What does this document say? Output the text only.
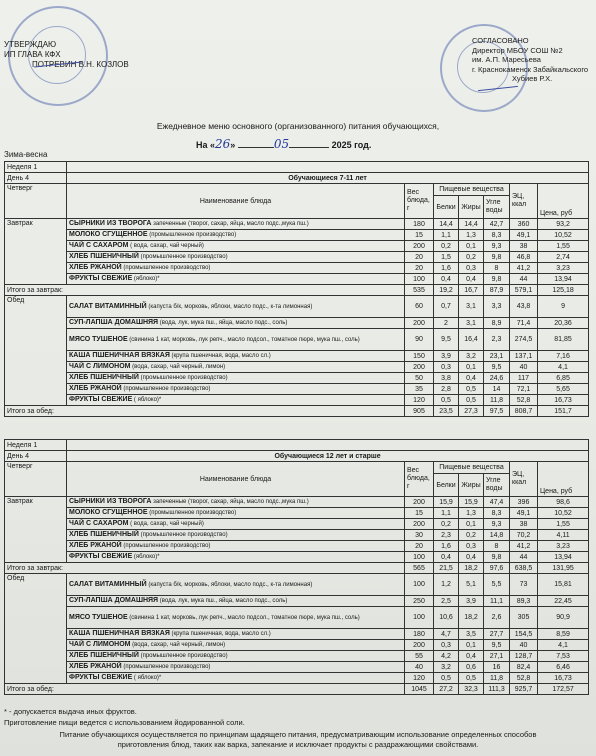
УТВЕРЖДАЮ
ИП ГЛАВА КФХ
ПОТРЕВИН В.Н. КОЗЛОВ
СОГЛАСОВАНО
Директор МБОУ СОШ №2
им. А.П. Маресьева
г. Краснокаменск Забайкальского
Хубиев Р.Х.
Ежедневное меню основного (организованного) питания обучающихся,
На «26»	05	2025 год.
Зима-весна
Неделя 1	
День 4	Обучающиеся 7-11 лет
Четверг	Наименование блюда	Вес блюда, г	Пищевые вещества	ЭЦ, ккал	Цена, руб
Белки	Жиры	Угле воды
Завтрак	СЫРНИКИ ИЗ ТВОРОГА запеченные (творог, сахар, яйца, масло подс.,мука пш.)	180	14,4	14,4	42,7	360	93,2
МОЛОКО СГУЩЕННОЕ (промышленное производство)	15	1,1	1,3	8,3	49,1	10,52
ЧАЙ С САХАРОМ ( вода, сахар, чай черный)	200	0,2	0,1	9,3	38	1,55
ХЛЕБ ПШЕНИЧНЫЙ (промышленное производство)	20	1,5	0,2	9,8	46,8	2,74
ХЛЕБ РЖАНОЙ (промышленное производство)	20	1,6	0,3	8	41,2	3,23
ФРУКТЫ СВЕЖИЕ (яблоко)*	100	0,4	0,4	9,8	44	13,94
Итого за завтрак:	535	19,2	16,7	87,9	579,1	125,18
Обед	САЛАТ ВИТАМИННЫЙ (капуста б/к, морковь, яблоки, масло подс., к-та лимонная)	60	0,7	3,1	3,3	43,8	9
СУП-ЛАПША ДОМАШНЯЯ (вода, лук, мука пш., яйца, масло подс., соль)	200	2	3,1	8,9	71,4	20,36
МЯСО ТУШЕНОЕ (свинина 1 кат, морковь, лук репч., масло подсол., томатное пюре, мука пш., соль)	90	9,5	16,4	2,3	274,5	81,85
КАША ПШЕНИЧНАЯ ВЯЗКАЯ (крупа пшеничная, вода, масло сл.)	150	3,9	3,2	23,1	137,1	7,16
ЧАЙ С ЛИМОНОМ (вода, сахар, чай черный, лимон)	200	0,3	0,1	9,5	40	4,1
ХЛЕБ ПШЕНИЧНЫЙ (промышленное производство)	50	3,8	0,4	24,6	117	6,85
ХЛЕБ РЖАНОЙ (промышленное производство)	35	2,8	0,5	14	72,1	5,65
ФРУКТЫ СВЕЖИЕ ( яблоко)*	120	0,5	0,5	11,8	52,8	16,73
Итого за обед:	905	23,5	27,3	97,5	808,7	151,7
Неделя 1	
День 4	Обучающиеся 12 лет и старше
Четверг	Наименование блюда	Вес блюда, г	Пищевые вещества	ЭЦ, ккал	Цена, руб
Белки	Жиры	Угле воды
Завтрак	СЫРНИКИ ИЗ ТВОРОГА запеченные (творог, сахар, яйца, масло подс.,мука пш.)	200	15,9	15,9	47,4	396	98,6
МОЛОКО СГУЩЕННОЕ (промышленное производство)	15	1,1	1,3	8,3	49,1	10,52
ЧАЙ С САХАРОМ ( вода, сахар, чай черный)	200	0,2	0,1	9,3	38	1,55
ХЛЕБ ПШЕНИЧНЫЙ (промышленное производство)	30	2,3	0,2	14,8	70,2	4,11
ХЛЕБ РЖАНОЙ (промышленное производство)	20	1,6	0,3	8	41,2	3,23
ФРУКТЫ СВЕЖИЕ (яблоко)*	100	0,4	0,4	9,8	44	13,94
Итого за завтрак:	565	21,5	18,2	97,6	638,5	131,95
Обед	САЛАТ ВИТАМИННЫЙ (капуста б/к, морковь, яблоки, масло подс., к-та лимонная)	100	1,2	5,1	5,5	73	15,81
СУП-ЛАПША ДОМАШНЯЯ (вода, лук, мука пш., яйца, масло подс., соль)	250	2,5	3,9	11,1	89,3	22,45
МЯСО ТУШЕНОЕ (свинина 1 кат, морковь, лук репч., масло подсол., томатное пюре, мука пш., соль)	100	10,6	18,2	2,6	305	90,9
КАША ПШЕНИЧНАЯ ВЯЗКАЯ (крупа пшеничная, вода, масло сл.)	180	4,7	3,5	27,7	154,5	8,59
ЧАЙ С ЛИМОНОМ (вода, сахар, чай черный, лимон)	200	0,3	0,1	9,5	40	4,1
ХЛЕБ ПШЕНИЧНЫЙ (промышленное производство)	55	4,2	0,4	27,1	128,7	7,53
ХЛЕБ РЖАНОЙ (промышленное производство)	40	3,2	0,6	16	82,4	6,46
ФРУКТЫ СВЕЖИЕ ( яблоко)*	120	0,5	0,5	11,8	52,8	16,73
Итого за обед:	1045	27,2	32,3	111,3	925,7	172,57
* - допускается выдача иных фруктов.
Приготовление пищи ведется с использованием йодированной соли.
Питание обучающихся осуществляется по принципам щадящего питания, предусматривающим использование определенных способов
приготовления блюд, таких как варка, запекание и исключает продукты с раздражающими свойствами.
